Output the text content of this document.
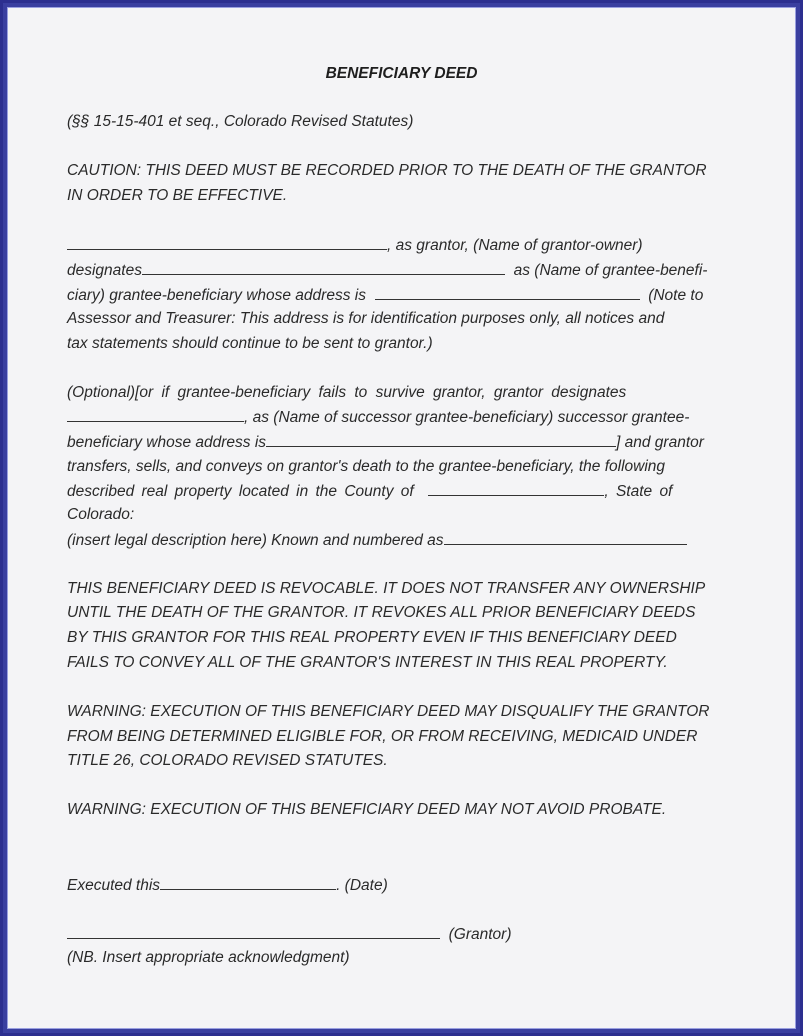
BENEFICIARY DEED
(§§ 15-15-401 et seq., Colorado Revised Statutes)
CAUTION: THIS DEED MUST BE RECORDED PRIOR TO THE DEATH OF THE GRANTOR
IN ORDER TO BE EFFECTIVE.
, as grantor, (Name of grantor-owner)
designates	as (Name of grantee-benefi-
ciary) grantee-beneficiary whose address is	(Note to
Assessor and Treasurer: This address is for identification purposes only, all notices and
tax statements should continue to be sent to grantor.)
(Optional)[or if grantee-beneficiary fails to survive grantor, grantor designates
, as (Name of successor grantee-beneficiary) successor grantee-
beneficiary whose address is	] and grantor
transfers, sells, and conveys on grantor's death to the grantee-beneficiary, the following
described real property located in the County of	, State of
Colorado:
(insert legal description here) Known and numbered as
THIS BENEFICIARY DEED IS REVOCABLE. IT DOES NOT TRANSFER ANY OWNERSHIP
UNTIL THE DEATH OF THE GRANTOR. IT REVOKES ALL PRIOR BENEFICIARY DEEDS
BY THIS GRANTOR FOR THIS REAL PROPERTY EVEN IF THIS BENEFICIARY DEED
FAILS TO CONVEY ALL OF THE GRANTOR'S INTEREST IN THIS REAL PROPERTY.
WARNING: EXECUTION OF THIS BENEFICIARY DEED MAY DISQUALIFY THE GRANTOR
FROM BEING DETERMINED ELIGIBLE FOR, OR FROM RECEIVING, MEDICAID UNDER
TITLE 26, COLORADO REVISED STATUTES.
WARNING: EXECUTION OF THIS BENEFICIARY DEED MAY NOT AVOID PROBATE.
Executed this	. (Date)
(Grantor)
(NB. Insert appropriate acknowledgment)
